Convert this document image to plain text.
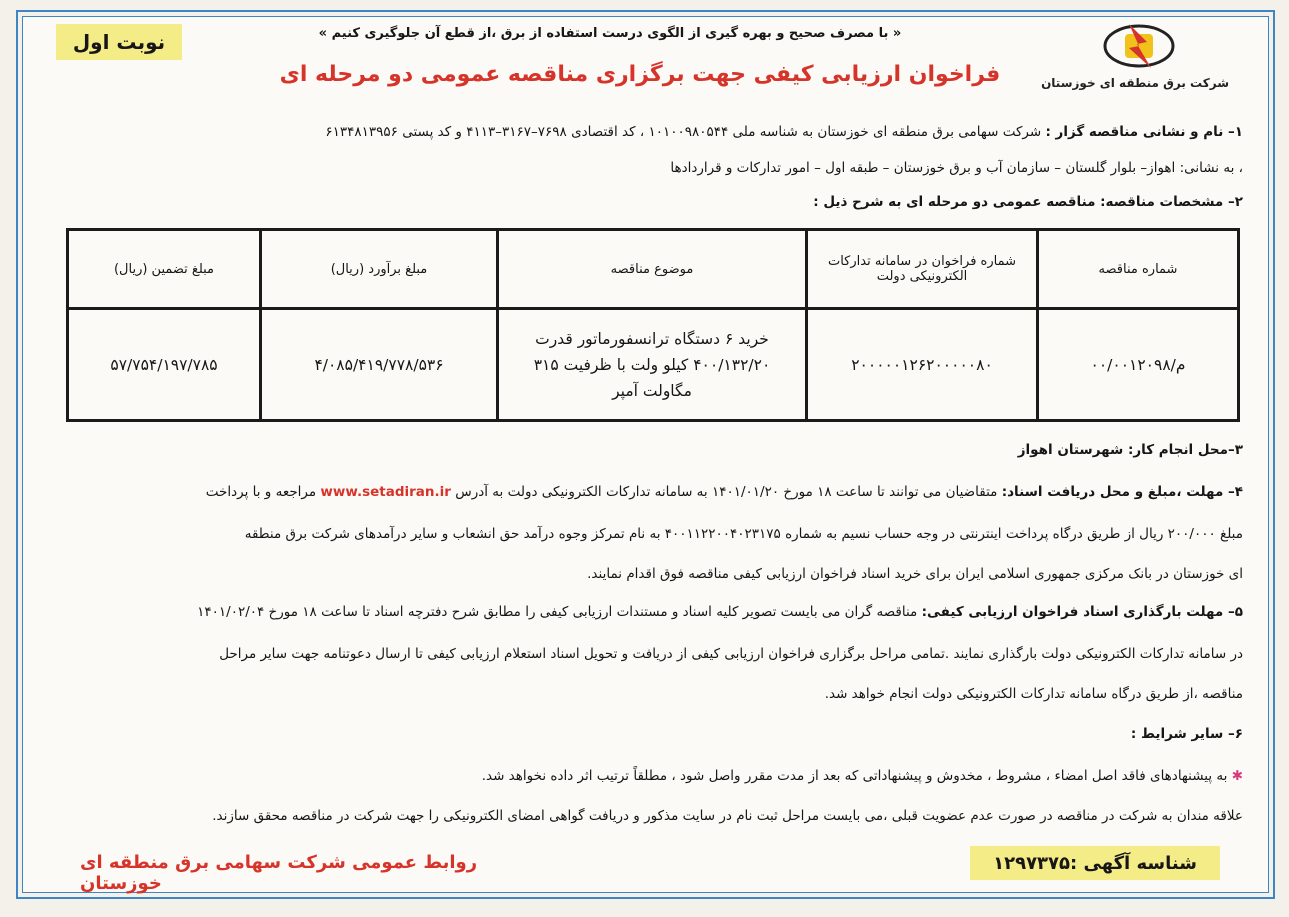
شرکت برق منطقه ای خوزستان
نوبت اول	« با مصرف صحیح و بهره گیری از الگوی درست استفاده از برق ،از قطع آن جلوگیری کنیم »
فراخوان ارزیابی کیفی جهت برگزاری مناقصه عمومی دو مرحله ای
۱– نام و نشانی مناقصه گزار : شرکت سهامی برق منطقه ای خوزستان به شناسه ملی ۱۰۱۰۰۹۸۰۵۴۴ ، کد اقتصادی ۷۶۹۸–۳۱۶۷–۴۱۱۳ و کد پستی ۶۱۳۴۸۱۳۹۵۶
، به نشانی: اهواز– بلوار گلستان – سازمان آب و برق خوزستان – طبقه اول – امور تدارکات و قراردادها
۲– مشخصات مناقصه: مناقصه عمومی دو مرحله ای به شرح ذیل :
شماره مناقصه	شماره فراخوان در سامانه تدارکات الکترونیکی دولت	موضوع مناقصه	مبلغ برآورد (ریال)	مبلغ تضمین (ریال)
م/۰۰/۰۰۱۲۰۹۸	۲۰۰۰۰۰۱۲۶۲۰۰۰۰۰۸۰	خرید ۶ دستگاه ترانسفورماتور قدرت ۴۰۰/۱۳۲/۲۰ کیلو ولت با ظرفیت ۳۱۵ مگاولت آمپر	۴/۰۸۵/۴۱۹/۷۷۸/۵۳۶	۵۷/۷۵۴/۱۹۷/۷۸۵
۳–محل انجام کار: شهرستان اهواز
۴– مهلت ،مبلغ و محل دریافت اسناد: متقاضیان می توانند تا ساعت ۱۸ مورخ ۱۴۰۱/۰۱/۲۰ به سامانه تدارکات الکترونیکی دولت به آدرس www.setadiran.ir مراجعه و با پرداخت
مبلغ ۲۰۰/۰۰۰ ریال از طریق درگاه پرداخت اینترنتی در وجه حساب نسیم به شماره ۴۰۰۱۱۲۲۰۰۴۰۲۳۱۷۵ به نام تمرکز وجوه درآمد حق انشعاب و سایر درآمدهای شرکت برق منطقه
ای خوزستان در بانک مرکزی جمهوری اسلامی ایران برای خرید اسناد فراخوان ارزیابی کیفی مناقصه فوق اقدام نمایند.
۵– مهلت بارگذاری اسناد فراخوان ارزیابی کیفی: مناقصه گران می بایست تصویر کلیه اسناد و مستندات ارزیابی کیفی را مطابق شرح دفترچه اسناد تا ساعت ۱۸ مورخ ۱۴۰۱/۰۲/۰۴
در سامانه تدارکات الکترونیکی دولت بارگذاری نمایند .تمامی مراحل برگزاری فراخوان ارزیابی کیفی از دریافت و تحویل اسناد استعلام ارزیابی کیفی تا ارسال دعوتنامه جهت سایر مراحل
مناقصه ،از طریق درگاه سامانه تدارکات الکترونیکی دولت انجام خواهد شد.
۶– سایر شرایط :
✱ به پیشنهادهای فاقد اصل امضاء ، مشروط ، مخدوش و پیشنهاداتی که بعد از مدت مقرر واصل شود ، مطلقاً ترتیب اثر داده نخواهد شد.
علاقه مندان به شرکت در مناقصه در صورت عدم عضویت قبلی ،می بایست مراحل ثبت نام در سایت مذکور و دریافت گواهی امضای الکترونیکی را جهت شرکت در مناقصه محقق سازند.
شناسه آگهی :۱۲۹۷۳۷۵
روابط عمومی شرکت سهامی برق منطقه ای خوزستان
